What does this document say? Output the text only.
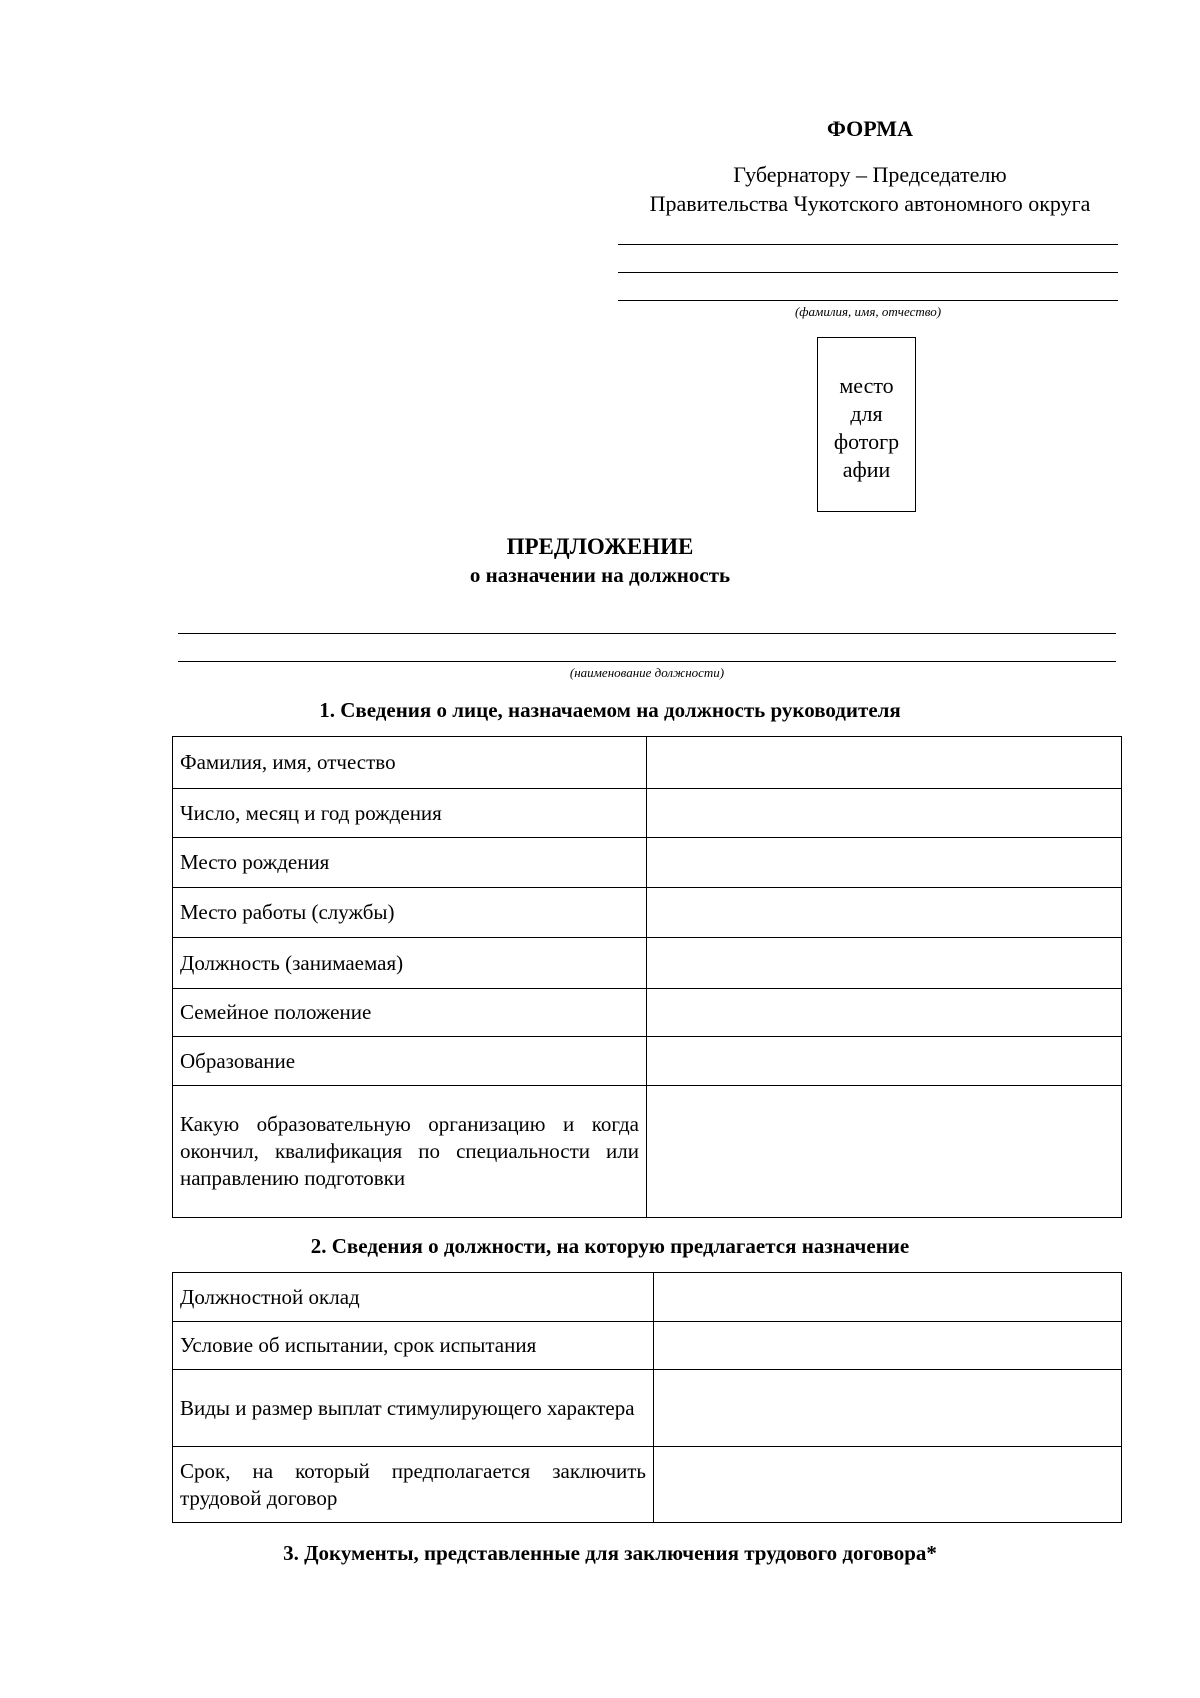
ФОРМА
Губернатору – Председателю
Правительства Чукотского автономного округа
(фамилия, имя, отчество)
место
для
фотогр
афии
ПРЕДЛОЖЕНИЕ
о назначении на должность
(наименование должности)
1. Сведения о лице, назначаемом на должность руководителя
Фамилия, имя, отчество	
Число, месяц и год рождения	
Место рождения	
Место работы (службы)	
Должность (занимаемая)	
Семейное положение	
Образование	
Какую образовательную организацию и когда окончил, квалификация по специальности или направлению подготовки	
2. Сведения о должности, на которую предлагается назначение
Должностной оклад	
Условие об испытании, срок испытания	
Виды и размер выплат стимулирующего характера	
Срок, на который предполагается заключить трудовой договор	
3. Документы, представленные для заключения трудового договора*
